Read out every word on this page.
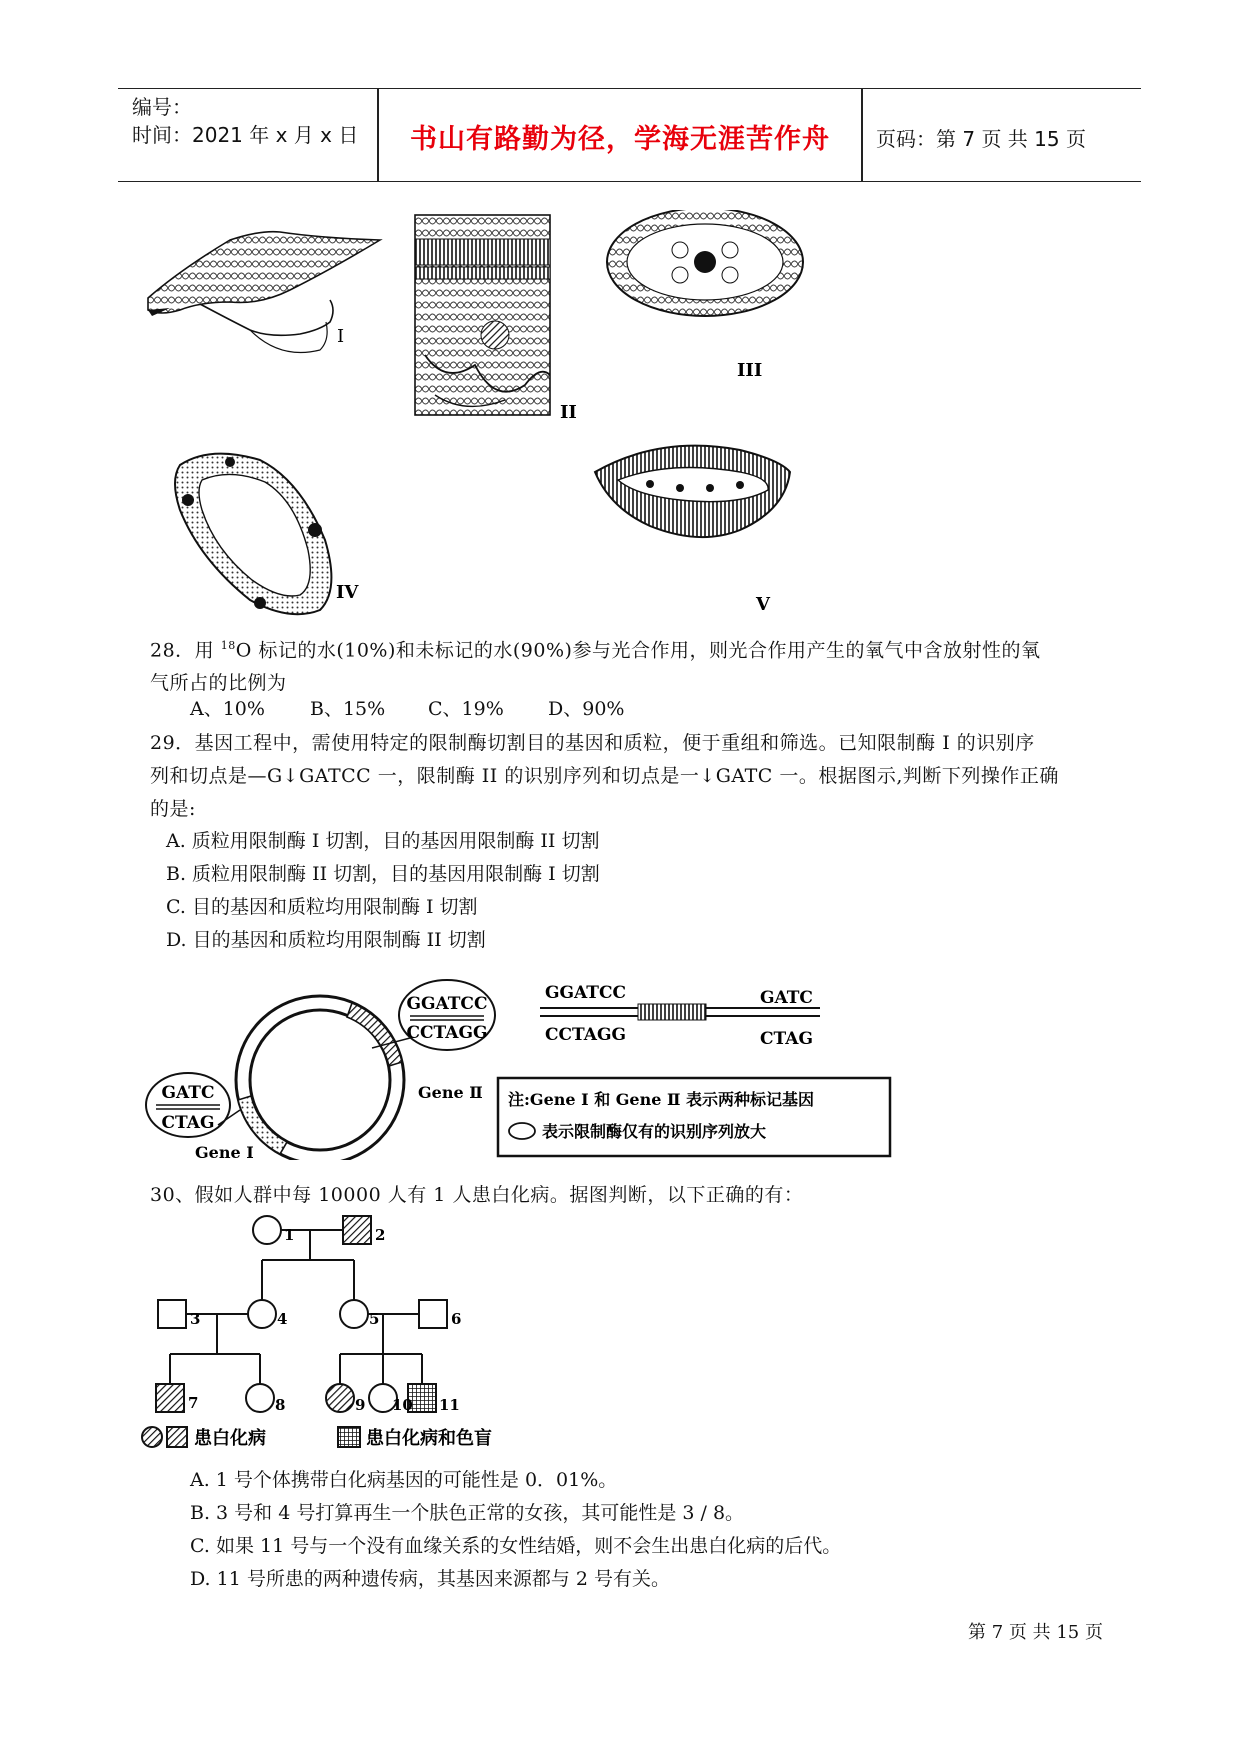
编号：
时间：2021 年 x 月 x 日	书山有路勤为径，学海无涯苦作舟	页码：第 7 页 共 15 页
I
II
III
IV
V
28．用 $^{18}$O 标记的水(10%)和未标记的水(90%)参与光合作用，则光合作用产生的氧气中含放射性的氧
气所占的比例为
A、10% B、15% C、19% D、90%
29．基因工程中，需使用特定的限制酶切割目的基因和质粒，便于重组和筛选。已知限制酶 I 的识别序
列和切点是—G↓GATCC 一，限制酶 II 的识别序列和切点是一↓GATC 一。根据图示,判断下列操作正确
的是:
A. 质粒用限制酶 I 切割，目的基因用限制酶 II 切割
B. 质粒用限制酶 II 切割，目的基因用限制酶 I 切割
C. 目的基因和质粒均用限制酶 I 切割
D. 目的基因和质粒均用限制酶 II 切割
GGATCC
CCTAGG
Gene Ⅱ
GATC
CTAG
Gene Ⅰ
GGATCC	GATC
CCTAGG	CTAG
注:Gene Ⅰ 和 Gene Ⅱ 表示两种标记基因
表示限制酶仅有的识别序列放大
30、假如人群中每 10000 人有 1 人患白化病。据图判断，以下正确的有：
1	2
3	4	5	6
7	8	9 10 11
患白化病	患白化病和色盲
A. 1 号个体携带白化病基因的可能性是 0．01%。
B. 3 号和 4 号打算再生一个肤色正常的女孩，其可能性是 3 / 8。
C. 如果 11 号与一个没有血缘关系的女性结婚，则不会生出患白化病的后代。
D. 11 号所患的两种遗传病，其基因来源都与 2 号有关。
第 7 页 共 15 页
